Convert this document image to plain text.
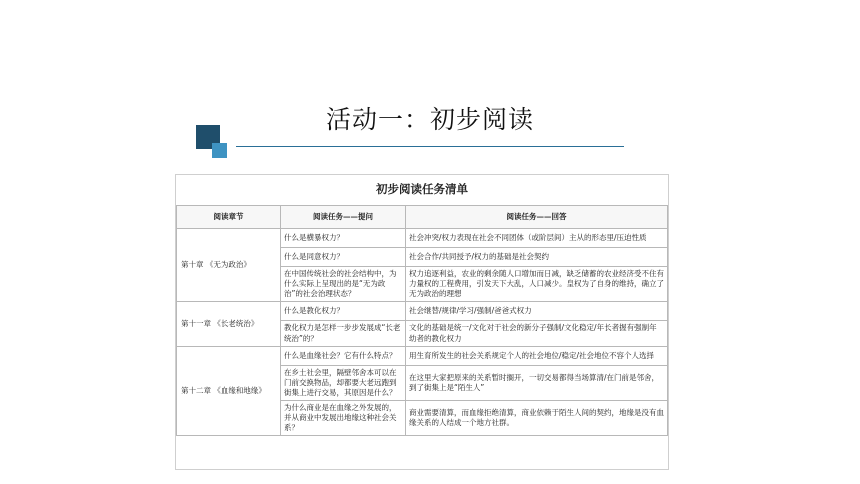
活动一：初步阅读
初步阅读任务清单		
阅读章节	阅读任务——提问	阅读任务——回答
第十章 《无为政治》	什么是横暴权力？	社会冲突/权力表现在社会不同团体（或阶层间）主从的形态里/压迫性质
	什么是同意权力？	社会合作/共同授予/权力的基础是社会契约
	在中国传统社会的社会结构中，为什么实际上呈现出的是“无为政治”的社会治理状态？	权力追逐利益，农业的剩余随人口增加而日减，缺乏储蓄的农业经济受不住有力量权的工程费用，引发天下大乱，人口减少。皇权为了自身的维持，确立了无为政治的理想
第十一章 《长老统治》	什么是教化权力？	社会继替/规律/学习/强制/爸爸式权力
	教化权力是怎样一步步发展成“长老统治”的？	文化的基础是统一/文化对于社会的新分子强制/文化稳定/年长者握有强制年幼者的教化权力
第十二章 《血缘和地缘》	什么是血缘社会？它有什么特点？	用生育所发生的社会关系规定个人的社会地位/稳定/社会地位不容个人选择
	在乡土社会里，隔壁邻舍本可以在门前交换物品，却都要大老远跑到街集上进行交易，其原因是什么？	在这里大家把原来的关系暂时搁开，一切交易都得当场算清/在门前是邻舍，到了街集上是“陌生人”
	为什么商业是在血缘之外发展的，并从商业中发展出地缘这种社会关系？	商业需要清算，而血缘拒绝清算，商业依赖于陌生人间的契约，地缘是没有血缘关系的人结成一个地方社群。
